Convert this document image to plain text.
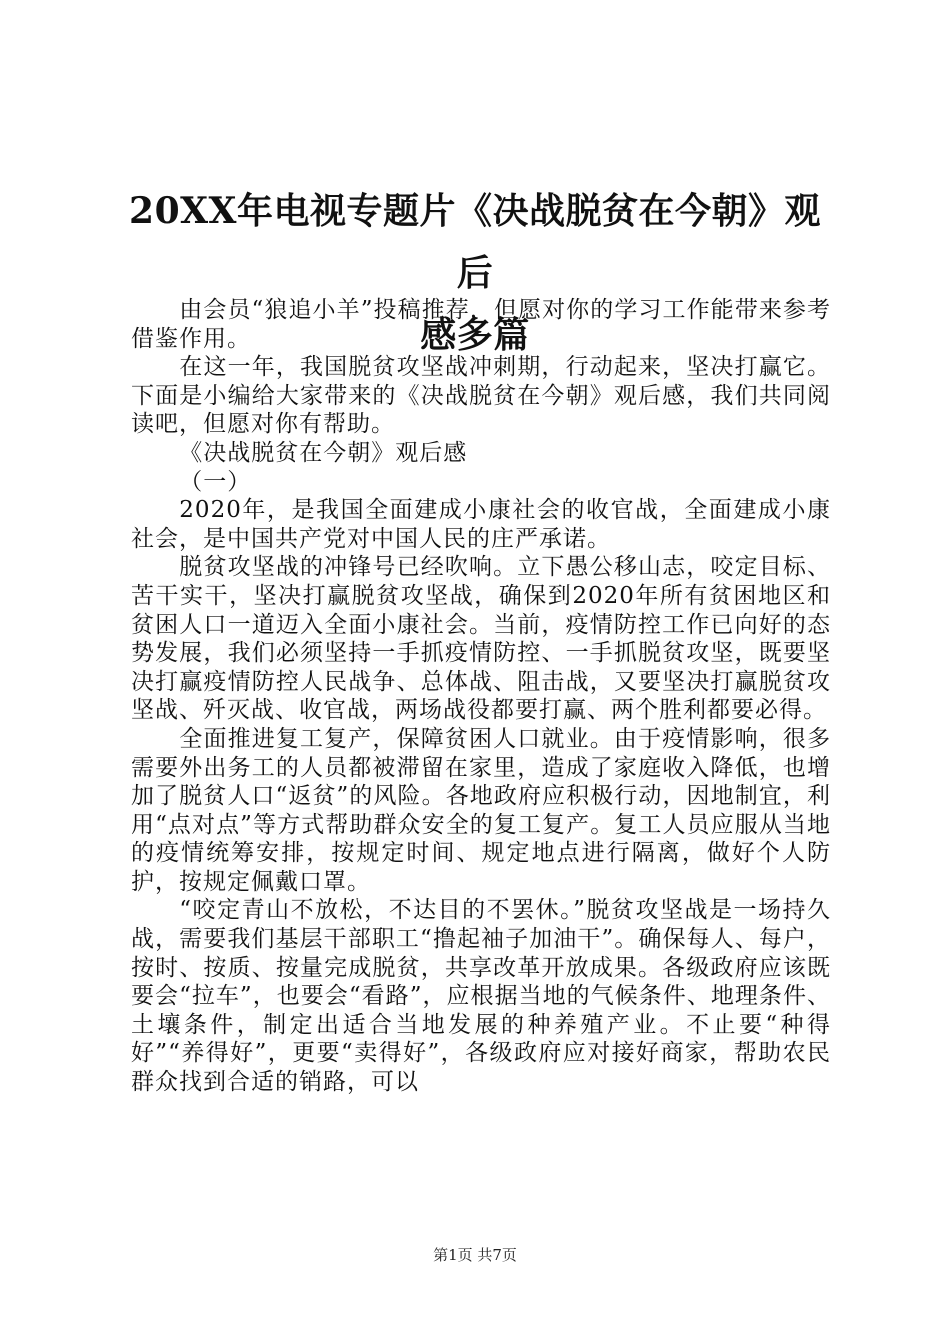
20XX年电视专题片《决战脱贫在今朝》观后
感多篇

由会员“狼追小羊”投稿推荐，但愿对你的学习工作能带来参考借鉴作用。

在这一年，我国脱贫攻坚战冲刺期，行动起来，坚决打赢它。下面是小编给大家带来的《决战脱贫在今朝》观后感，我们共同阅读吧，但愿对你有帮助。

《决战脱贫在今朝》观后感

（一）

2020年，是我国全面建成小康社会的收官战，全面建成小康社会，是中国共产党对中国人民的庄严承诺。

脱贫攻坚战的冲锋号已经吹响。立下愚公移山志，咬定目标、苦干实干，坚决打赢脱贫攻坚战，确保到2020年所有贫困地区和贫困人口一道迈入全面小康社会。当前，疫情防控工作已向好的态势发展，我们必须坚持一手抓疫情防控、一手抓脱贫攻坚，既要坚决打赢疫情防控人民战争、总体战、阻击战，又要坚决打赢脱贫攻坚战、歼灭战、收官战，两场战役都要打赢、两个胜利都要必得。

全面推进复工复产，保障贫困人口就业。由于疫情影响，很多需要外出务工的人员都被滞留在家里，造成了家庭收入降低，也增加了脱贫人口“返贫”的风险。各地政府应积极行动，因地制宜，利用“点对点”等方式帮助群众安全的复工复产。复工人员应服从当地的疫情统筹安排，按规定时间、规定地点进行隔离，做好个人防护，按规定佩戴口罩。

“咬定青山不放松，不达目的不罢休。”脱贫攻坚战是一场持久战，需要我们基层干部职工“撸起袖子加油干”。确保每人、每户，按时、按质、按量完成脱贫，共享改革开放成果。各级政府应该既要会“拉车”，也要会“看路”，应根据当地的气候条件、地理条件、土壤条件，制定出适合当地发展的种养殖产业。不止要“种得好”“养得好”，更要“卖得好”，各级政府应对接好商家，帮助农民群众找到合适的销路，可以

第1页 共7页
